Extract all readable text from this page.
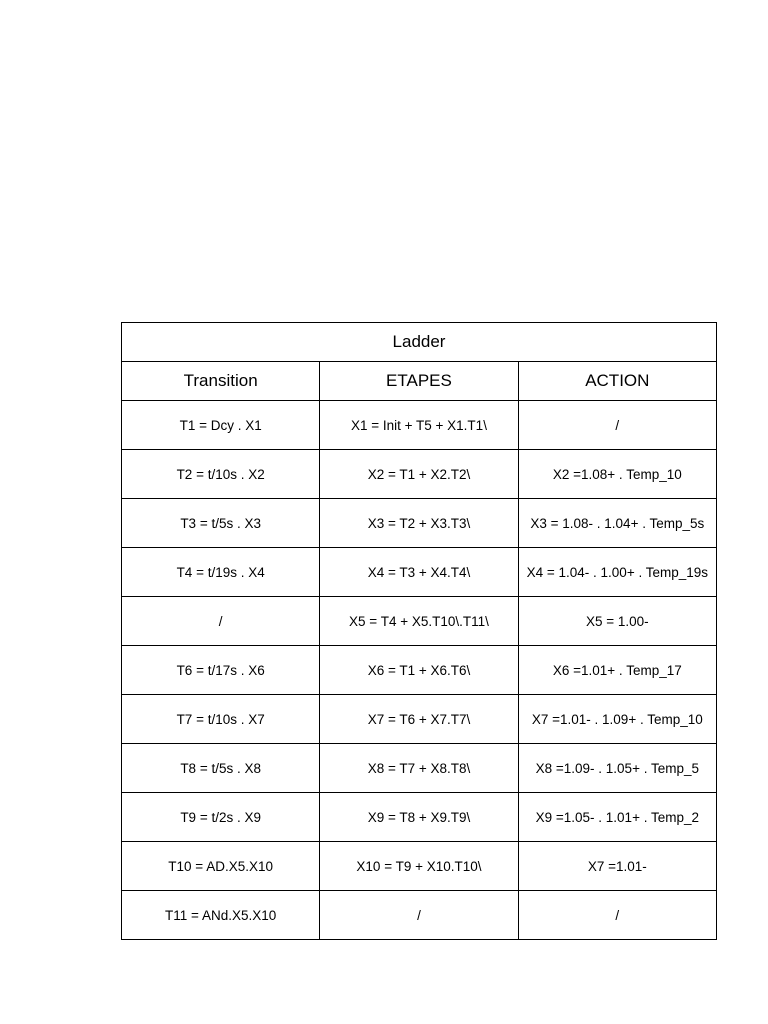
Ladder		
Transition	ETAPES	ACTION
T1 = Dcy . X1	X1 = Init + T5 + X1.T1\	/
T2 = t/10s . X2	X2 = T1 + X2.T2\	X2 =1.08+ . Temp_10
T3 = t/5s . X3	X3 = T2 + X3.T3\	X3 = 1.08- . 1.04+ . Temp_5s
T4 = t/19s . X4	X4 = T3 + X4.T4\	X4 = 1.04- . 1.00+ . Temp_19s
/	X5 = T4 + X5.T10\.T11\	X5 = 1.00-
T6 = t/17s . X6	X6 = T1 + X6.T6\	X6 =1.01+ . Temp_17
T7 = t/10s . X7	X7 = T6 + X7.T7\	X7 =1.01- . 1.09+ . Temp_10
T8 = t/5s . X8	X8 = T7 + X8.T8\	X8 =1.09- . 1.05+ . Temp_5
T9 = t/2s . X9	X9 = T8 + X9.T9\	X9 =1.05- . 1.01+ . Temp_2
T10 = AD.X5.X10	X10 = T9 + X10.T10\	X7 =1.01-
T11 = ANd.X5.X10	/	/
